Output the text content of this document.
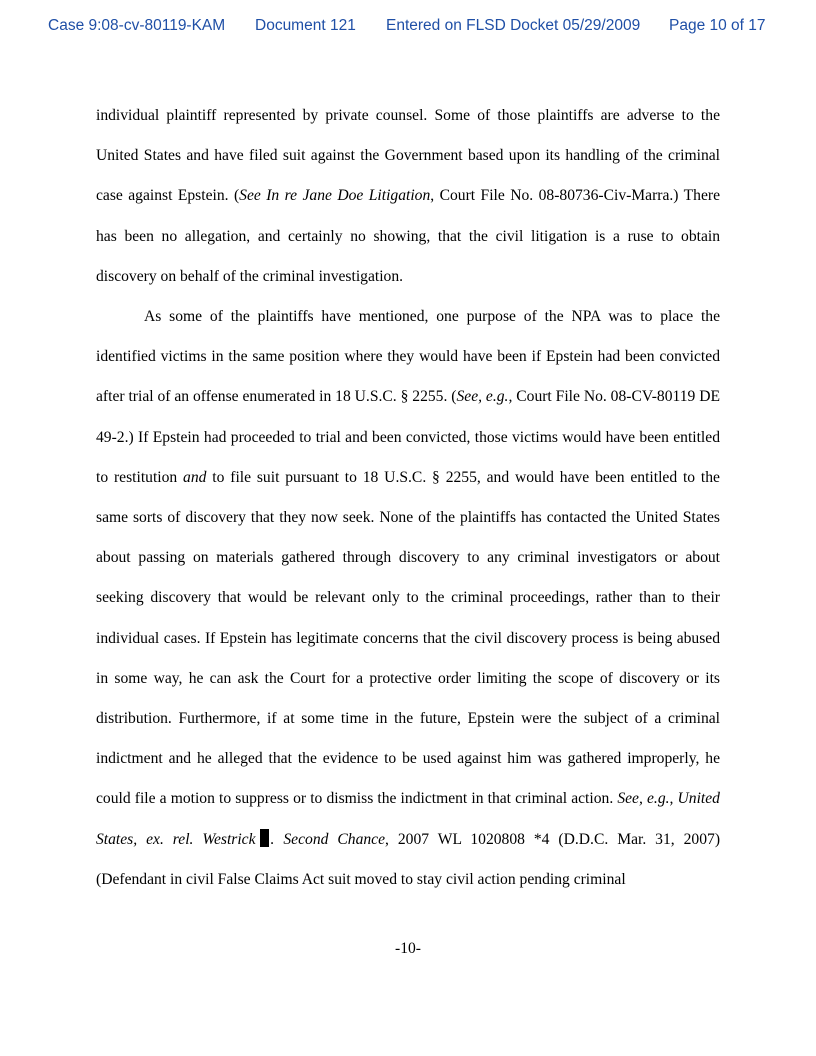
Case 9:08-cv-80119-KAM Document 121 Entered on FLSD Docket 05/29/2009 Page 10 of 17

individual plaintiff represented by private counsel. Some of those plaintiffs are adverse to the United States and have filed suit against the Government based upon its handling of the criminal case against Epstein. (See In re Jane Doe Litigation, Court File No. 08-80736-Civ-Marra.) There has been no allegation, and certainly no showing, that the civil litigation is a ruse to obtain discovery on behalf of the criminal investigation.

As some of the plaintiffs have mentioned, one purpose of the NPA was to place the identified victims in the same position where they would have been if Epstein had been convicted after trial of an offense enumerated in 18 U.S.C. § 2255. (See, e.g., Court File No. 08-CV-80119 DE 49-2.) If Epstein had proceeded to trial and been convicted, those victims would have been entitled to restitution and to file suit pursuant to 18 U.S.C. § 2255, and would have been entitled to the same sorts of discovery that they now seek. None of the plaintiffs has contacted the United States about passing on materials gathered through discovery to any criminal investigators or about seeking discovery that would be relevant only to the criminal proceedings, rather than to their individual cases. If Epstein has legitimate concerns that the civil discovery process is being abused in some way, he can ask the Court for a protective order limiting the scope of discovery or its distribution. Furthermore, if at some time in the future, Epstein were the subject of a criminal indictment and he alleged that the evidence to be used against him was gathered improperly, he could file a motion to suppress or to dismiss the indictment in that criminal action. See, e.g., United States, ex. rel. Westrick . Second Chance, 2007 WL 1020808 *4 (D.D.C. Mar. 31, 2007) (Defendant in civil False Claims Act suit moved to stay civil action pending criminal

-10-
